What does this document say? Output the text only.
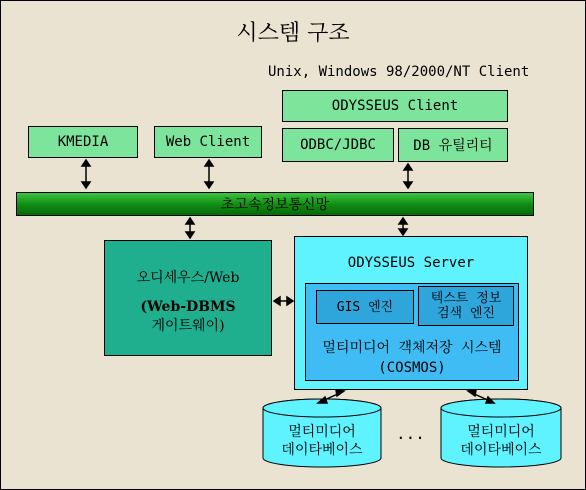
시스템 구조
Unix, Windows 98/2000/NT Client
ODYSSEUS Client
ODBC/JDBC	DB 유틸리티
KMEDIA	Web Client
초고속정보통신망
오디세우스/Web
(Web-DBMS
게이트웨이)
ODYSSEUS Server
GIS 엔진
텍스트 정보
검색 엔진
멀티미디어 객체저장 시스템
(COSMOS)
멀티미디어
데이타베이스
멀티미디어
데이타베이스
...
